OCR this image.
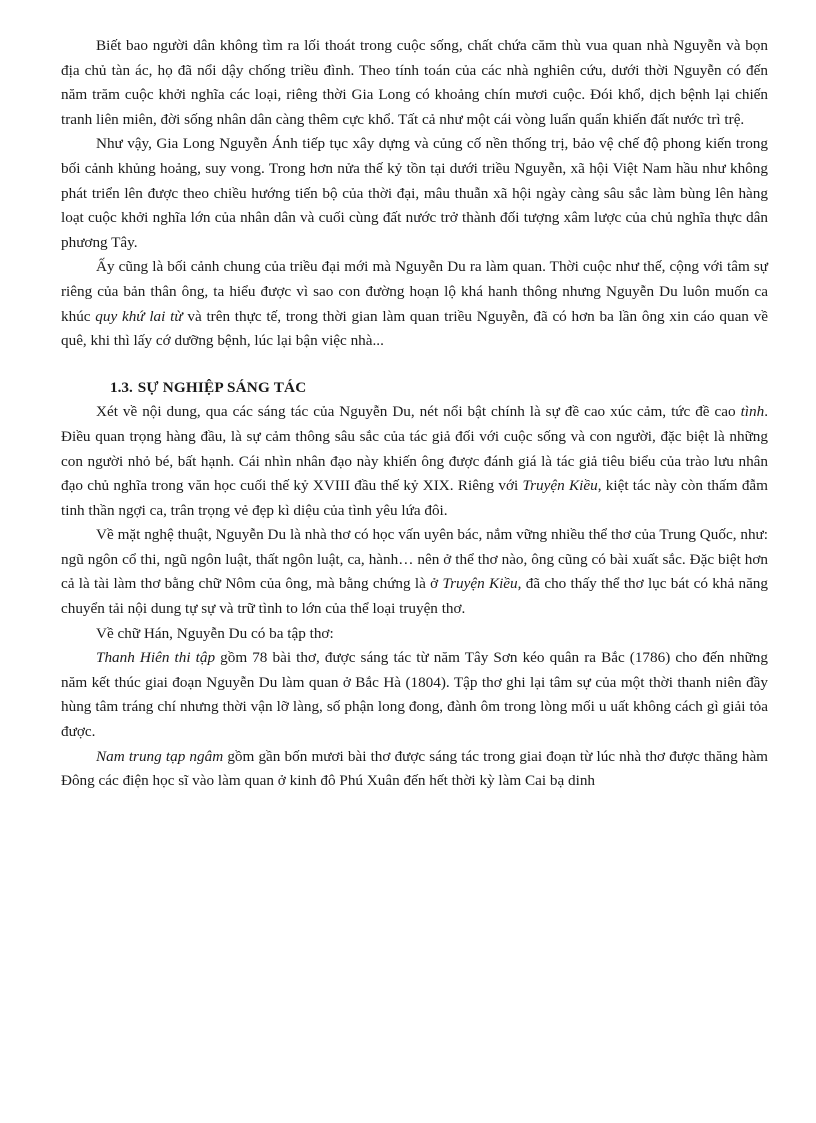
Biết bao người dân không tìm ra lối thoát trong cuộc sống, chất chứa căm thù vua quan nhà Nguyễn và bọn địa chủ tàn ác, họ đã nổi dậy chống triều đình. Theo tính toán của các nhà nghiên cứu, dưới thời Nguyễn có đến năm trăm cuộc khởi nghĩa các loại, riêng thời Gia Long có khoảng chín mươi cuộc. Đói khổ, dịch bệnh lại chiến tranh liên miên, đời sống nhân dân càng thêm cực khổ. Tất cả như một cái vòng luẩn quẩn khiến đất nước trì trệ.

Như vậy, Gia Long Nguyễn Ánh tiếp tục xây dựng và củng cố nền thống trị, bảo vệ chế độ phong kiến trong bối cảnh khủng hoảng, suy vong. Trong hơn nửa thế kỷ tồn tại dưới triều Nguyễn, xã hội Việt Nam hầu như không phát triển lên được theo chiều hướng tiến bộ của thời đại, mâu thuẫn xã hội ngày càng sâu sắc làm bùng lên hàng loạt cuộc khởi nghĩa lớn của nhân dân và cuối cùng đất nước trở thành đối tượng xâm lược của chủ nghĩa thực dân phương Tây.

Ấy cũng là bối cảnh chung của triều đại mới mà Nguyễn Du ra làm quan. Thời cuộc như thế, cộng với tâm sự riêng của bản thân ông, ta hiểu được vì sao con đường hoạn lộ khá hanh thông nhưng Nguyễn Du luôn muốn ca khúc quy khứ lai từ và trên thực tế, trong thời gian làm quan triều Nguyễn, đã có hơn ba lần ông xin cáo quan về quê, khi thì lấy cớ dưỡng bệnh, lúc lại bận việc nhà...

1.3. SỰ NGHIỆP SÁNG TÁC

Xét về nội dung, qua các sáng tác của Nguyễn Du, nét nổi bật chính là sự đề cao xúc cảm, tức đề cao tình. Điều quan trọng hàng đầu, là sự cảm thông sâu sắc của tác giả đối với cuộc sống và con người, đặc biệt là những con người nhỏ bé, bất hạnh. Cái nhìn nhân đạo này khiến ông được đánh giá là tác giả tiêu biểu của trào lưu nhân đạo chủ nghĩa trong văn học cuối thế kỷ XVIII đầu thế kỷ XIX. Riêng với Truyện Kiều, kiệt tác này còn thấm đẫm tinh thần ngợi ca, trân trọng vẻ đẹp kì diệu của tình yêu lứa đôi.

Về mặt nghệ thuật, Nguyễn Du là nhà thơ có học vấn uyên bác, nắm vững nhiều thể thơ của Trung Quốc, như: ngũ ngôn cổ thi, ngũ ngôn luật, thất ngôn luật, ca, hành… nên ở thể thơ nào, ông cũng có bài xuất sắc. Đặc biệt hơn cả là tài làm thơ bằng chữ Nôm của ông, mà bằng chứng là ở Truyện Kiều, đã cho thấy thể thơ lục bát có khả năng chuyển tải nội dung tự sự và trữ tình to lớn của thể loại truyện thơ.

Về chữ Hán, Nguyễn Du có ba tập thơ:

Thanh Hiên thi tập gồm 78 bài thơ, được sáng tác từ năm Tây Sơn kéo quân ra Bắc (1786) cho đến những năm kết thúc giai đoạn Nguyễn Du làm quan ở Bắc Hà (1804). Tập thơ ghi lại tâm sự của một thời thanh niên đầy hùng tâm tráng chí nhưng thời vận lỡ làng, số phận long đong, đành ôm trong lòng mối u uất không cách gì giải tỏa được.

Nam trung tạp ngâm gồm gần bốn mươi bài thơ được sáng tác trong giai đoạn từ lúc nhà thơ được thăng hàm Đông các điện học sĩ vào làm quan ở kinh đô Phú Xuân đến hết thời kỳ làm Cai bạ dinh
